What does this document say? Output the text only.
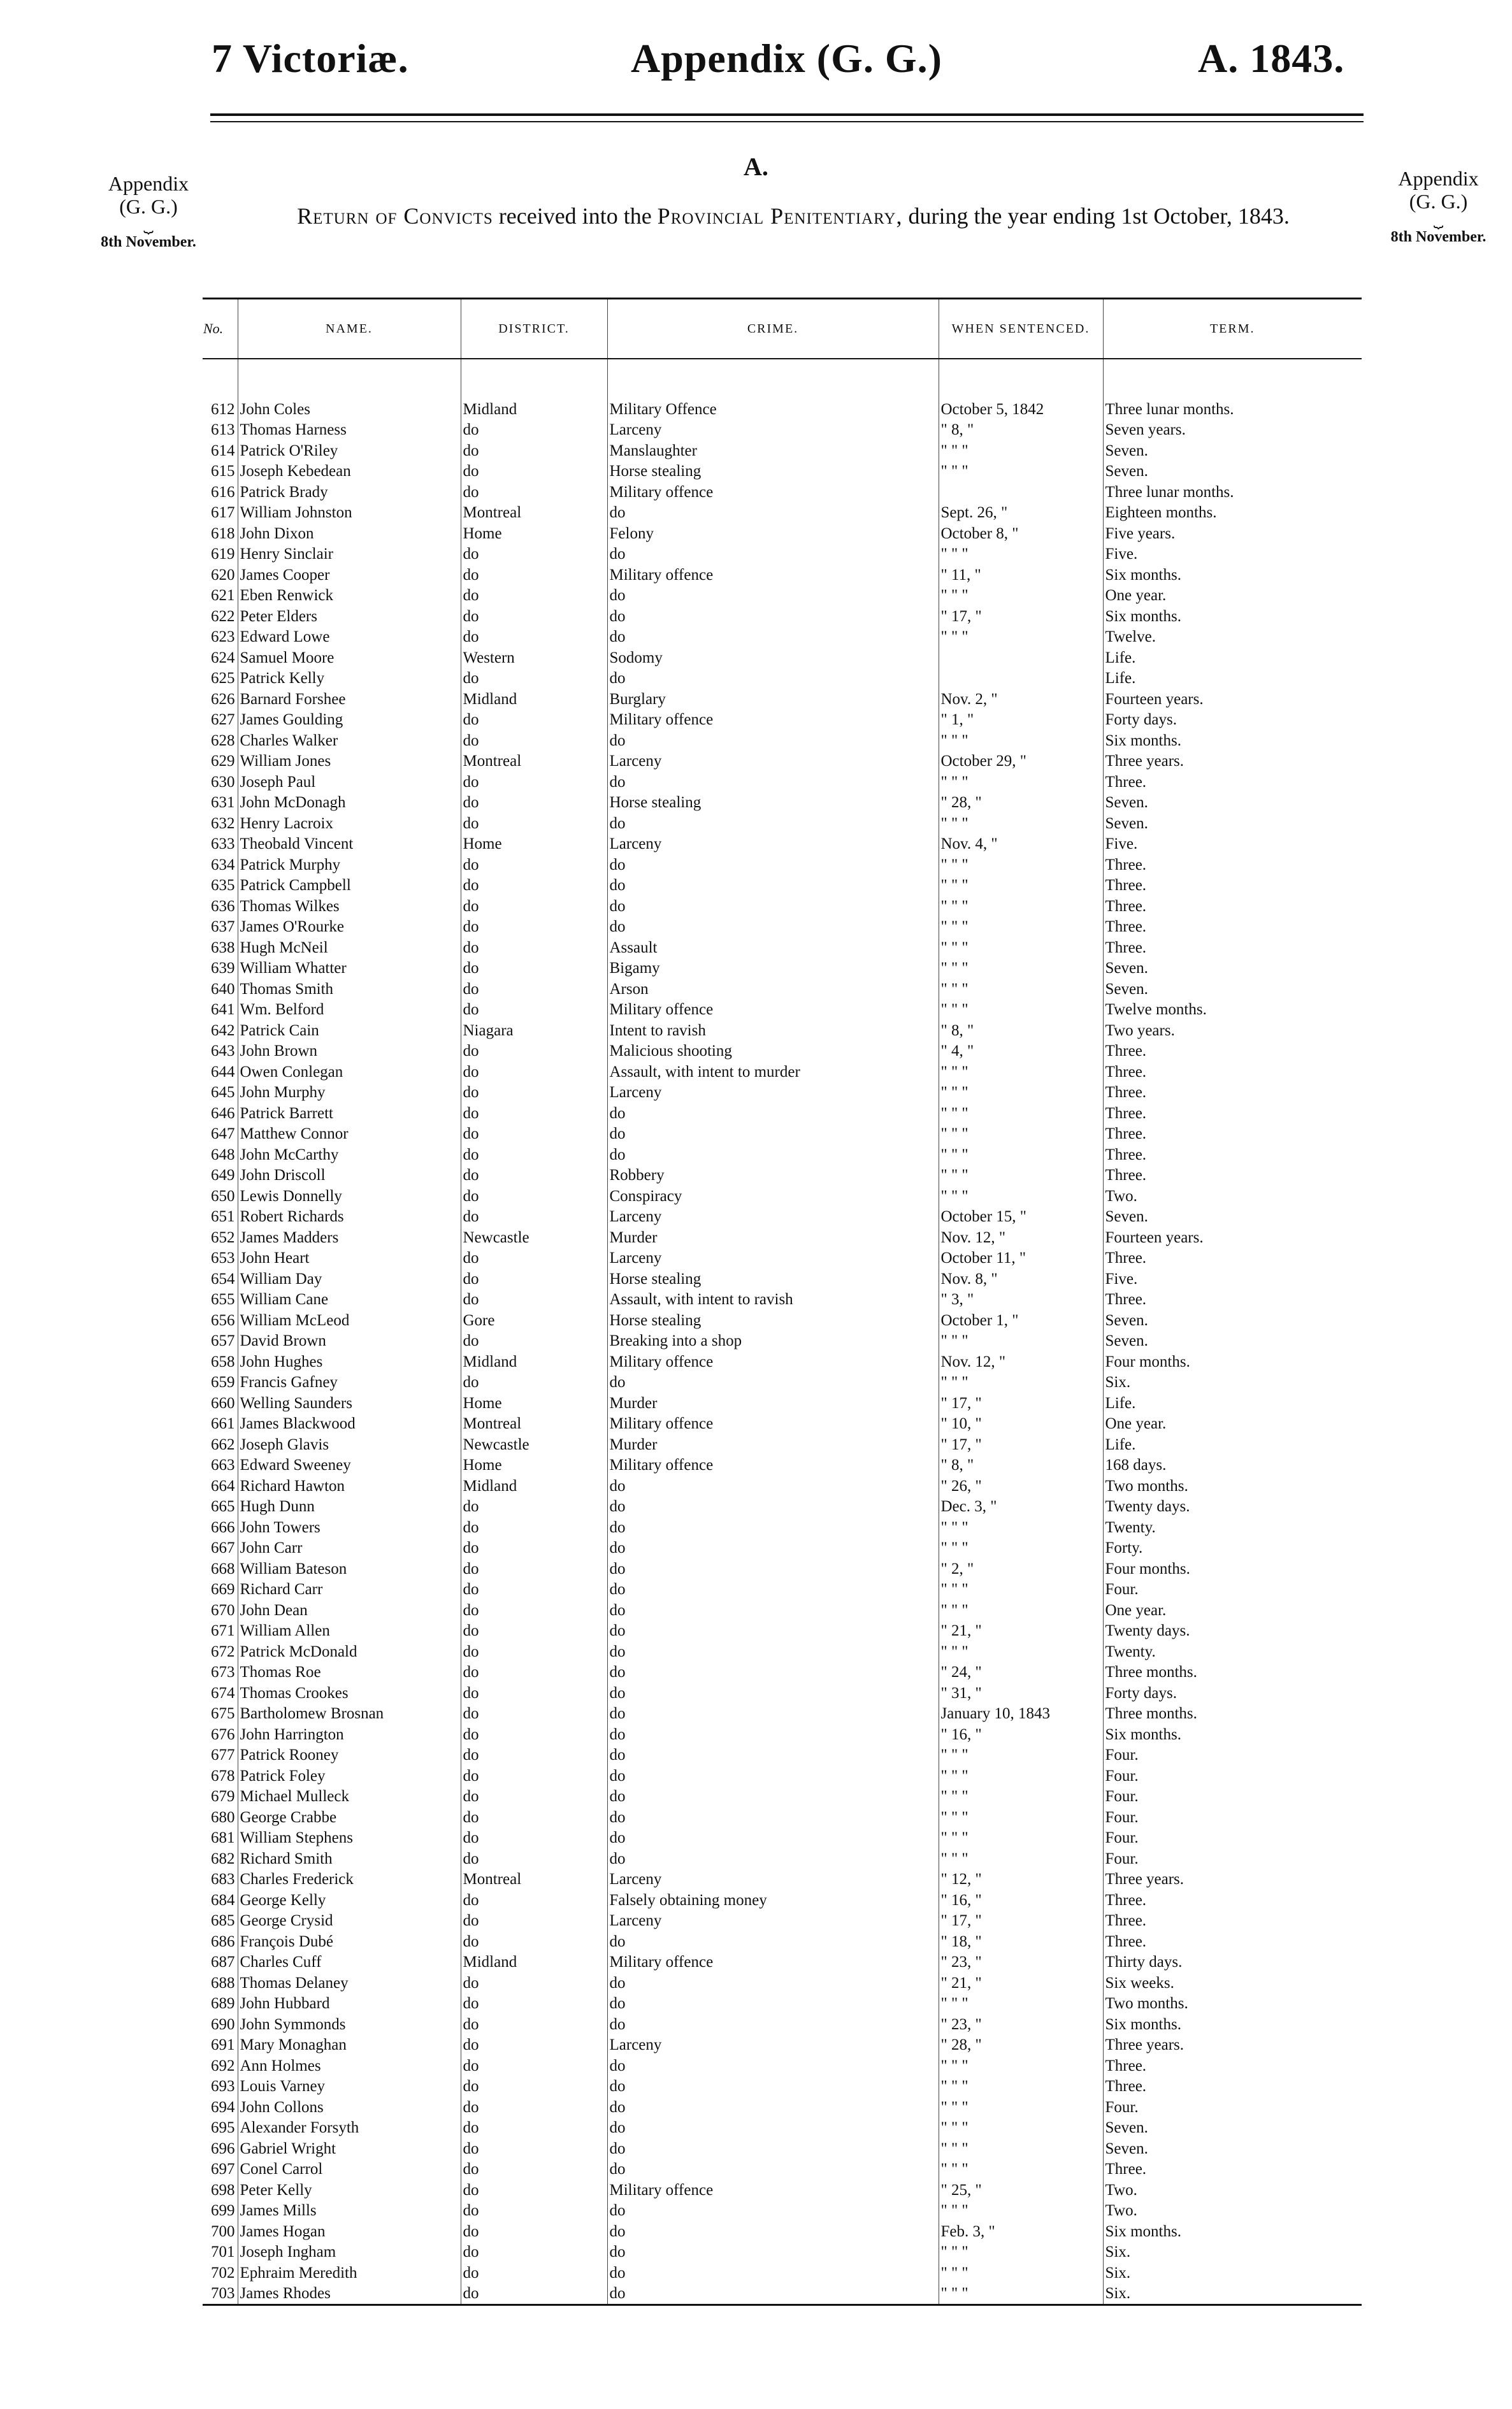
7 Victoriæ.	Appendix (G. G.)	A. 1843.
Appendix
(G. G.)
⏟
8th November.
Appendix
(G. G.)
⏟
8th November.
A.
Return of Convicts received into the Provincial Penitentiary, during the year ending 1st October, 1843.
No.	NAME.	DISTRICT.	CRIME.	WHEN SENTENCED.	TERM.

612	John Coles	Midland	Military Offence	October 5, 1842	Three lunar months.
613	Thomas Harness	do	Larceny	" 8, "	Seven years.
614	Patrick O'Riley	do	Manslaughter	" " "	Seven.
615	Joseph Kebedean	do	Horse stealing	" " "	Seven.
616	Patrick Brady	do	Military offence		Three lunar months.
617	William Johnston	Montreal	do	Sept. 26, "	Eighteen months.
618	John Dixon	Home	Felony	October 8, "	Five years.
619	Henry Sinclair	do	do	" " "	Five.
620	James Cooper	do	Military offence	" 11, "	Six months.
621	Eben Renwick	do	do	" " "	One year.
622	Peter Elders	do	do	" 17, "	Six months.
623	Edward Lowe	do	do	" " "	Twelve.
624	Samuel Moore	Western	Sodomy		Life.
625	Patrick Kelly	do	do		Life.
626	Barnard Forshee	Midland	Burglary	Nov. 2, "	Fourteen years.
627	James Goulding	do	Military offence	" 1, "	Forty days.
628	Charles Walker	do	do	" " "	Six months.
629	William Jones	Montreal	Larceny	October 29, "	Three years.
630	Joseph Paul	do	do	" " "	Three.
631	John McDonagh	do	Horse stealing	" 28, "	Seven.
632	Henry Lacroix	do	do	" " "	Seven.
633	Theobald Vincent	Home	Larceny	Nov. 4, "	Five.
634	Patrick Murphy	do	do	" " "	Three.
635	Patrick Campbell	do	do	" " "	Three.
636	Thomas Wilkes	do	do	" " "	Three.
637	James O'Rourke	do	do	" " "	Three.
638	Hugh McNeil	do	Assault	" " "	Three.
639	William Whatter	do	Bigamy	" " "	Seven.
640	Thomas Smith	do	Arson	" " "	Seven.
641	Wm. Belford	do	Military offence	" " "	Twelve months.
642	Patrick Cain	Niagara	Intent to ravish	" 8, "	Two years.
643	John Brown	do	Malicious shooting	" 4, "	Three.
644	Owen Conlegan	do	Assault, with intent to murder	" " "	Three.
645	John Murphy	do	Larceny	" " "	Three.
646	Patrick Barrett	do	do	" " "	Three.
647	Matthew Connor	do	do	" " "	Three.
648	John McCarthy	do	do	" " "	Three.
649	John Driscoll	do	Robbery	" " "	Three.
650	Lewis Donnelly	do	Conspiracy	" " "	Two.
651	Robert Richards	do	Larceny	October 15, "	Seven.
652	James Madders	Newcastle	Murder	Nov. 12, "	Fourteen years.
653	John Heart	do	Larceny	October 11, "	Three.
654	William Day	do	Horse stealing	Nov. 8, "	Five.
655	William Cane	do	Assault, with intent to ravish	" 3, "	Three.
656	William McLeod	Gore	Horse stealing	October 1, "	Seven.
657	David Brown	do	Breaking into a shop	" " "	Seven.
658	John Hughes	Midland	Military offence	Nov. 12, "	Four months.
659	Francis Gafney	do	do	" " "	Six.
660	Welling Saunders	Home	Murder	" 17, "	Life.
661	James Blackwood	Montreal	Military offence	" 10, "	One year.
662	Joseph Glavis	Newcastle	Murder	" 17, "	Life.
663	Edward Sweeney	Home	Military offence	" 8, "	168 days.
664	Richard Hawton	Midland	do	" 26, "	Two months.
665	Hugh Dunn	do	do	Dec. 3, "	Twenty days.
666	John Towers	do	do	" " "	Twenty.
667	John Carr	do	do	" " "	Forty.
668	William Bateson	do	do	" 2, "	Four months.
669	Richard Carr	do	do	" " "	Four.
670	John Dean	do	do	" " "	One year.
671	William Allen	do	do	" 21, "	Twenty days.
672	Patrick McDonald	do	do	" " "	Twenty.
673	Thomas Roe	do	do	" 24, "	Three months.
674	Thomas Crookes	do	do	" 31, "	Forty days.
675	Bartholomew Brosnan	do	do	January 10, 1843	Three months.
676	John Harrington	do	do	" 16, "	Six months.
677	Patrick Rooney	do	do	" " "	Four.
678	Patrick Foley	do	do	" " "	Four.
679	Michael Mulleck	do	do	" " "	Four.
680	George Crabbe	do	do	" " "	Four.
681	William Stephens	do	do	" " "	Four.
682	Richard Smith	do	do	" " "	Four.
683	Charles Frederick	Montreal	Larceny	" 12, "	Three years.
684	George Kelly	do	Falsely obtaining money	" 16, "	Three.
685	George Crysid	do	Larceny	" 17, "	Three.
686	François Dubé	do	do	" 18, "	Three.
687	Charles Cuff	Midland	Military offence	" 23, "	Thirty days.
688	Thomas Delaney	do	do	" 21, "	Six weeks.
689	John Hubbard	do	do	" " "	Two months.
690	John Symmonds	do	do	" 23, "	Six months.
691	Mary Monaghan	do	Larceny	" 28, "	Three years.
692	Ann Holmes	do	do	" " "	Three.
693	Louis Varney	do	do	" " "	Three.
694	John Collons	do	do	" " "	Four.
695	Alexander Forsyth	do	do	" " "	Seven.
696	Gabriel Wright	do	do	" " "	Seven.
697	Conel Carrol	do	do	" " "	Three.
698	Peter Kelly	do	Military offence	" 25, "	Two.
699	James Mills	do	do	" " "	Two.
700	James Hogan	do	do	Feb. 3, "	Six months.
701	Joseph Ingham	do	do	" " "	Six.
702	Ephraim Meredith	do	do	" " "	Six.
703	James Rhodes	do	do	" " "	Six.
